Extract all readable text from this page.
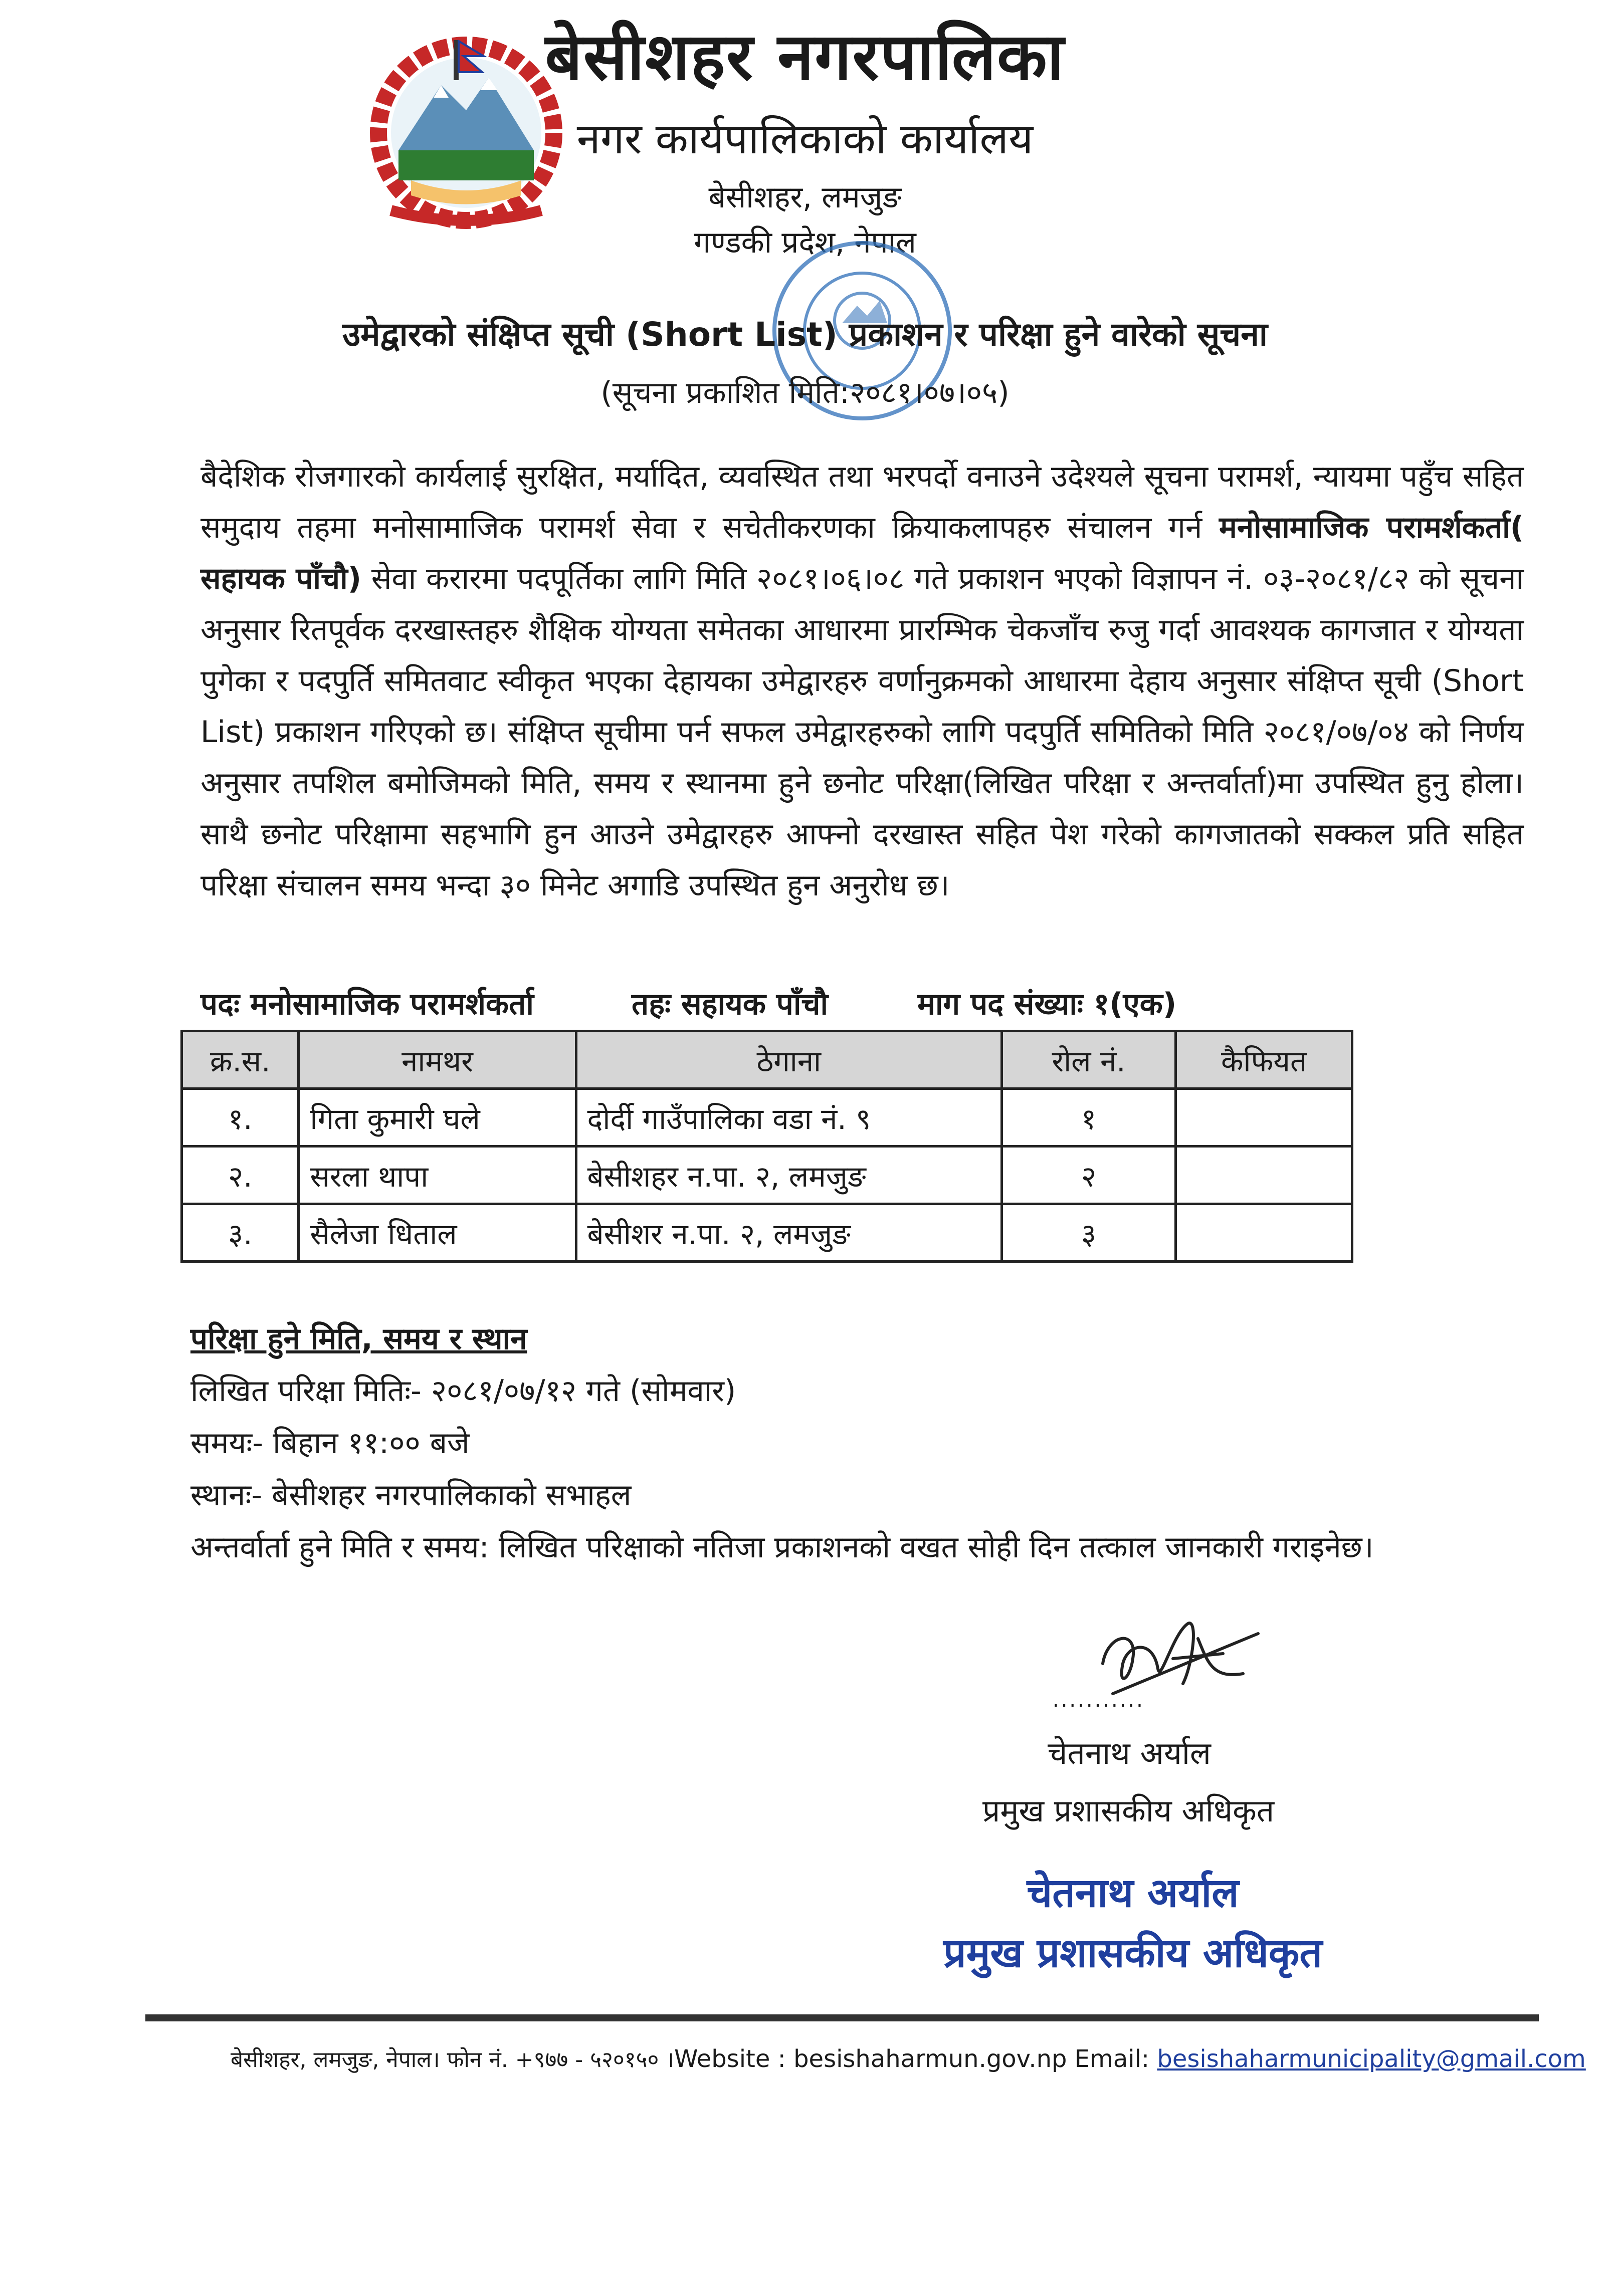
बेसीशहर नगरपालिका
नगर कार्यपालिकाको कार्यालय
बेसीशहर, लमजुङ
गण्डकी प्रदेश, नेपाल
उमेद्वारको संक्षिप्त सूची (Short List) प्रकाशन र परिक्षा हुने वारेको सूचना
(सूचना प्रकाशित मिति:२०८१।०७।०५)
बैदेशिक रोजगारको कार्यलाई सुरक्षित, मर्यादित, व्यवस्थित तथा भरपर्दो वनाउने उदेश्यले सूचना परामर्श, न्यायमा पहुँच सहित समुदाय तहमा मनोसामाजिक परामर्श सेवा र सचेतीकरणका क्रियाकलापहरु संचालन गर्न मनोसामाजिक परामर्शकर्ता( सहायक पाँचौ) सेवा करारमा पदपूर्तिका लागि मिति २०८१।०६।०८ गते प्रकाशन भएको विज्ञापन नं. ०३-२०८१/८२ को सूचना अनुसार रितपूर्वक दरखास्तहरु शैक्षिक योग्यता समेतका आधारमा प्रारम्भिक चेकजाँच रुजु गर्दा आवश्यक कागजात र योग्यता पुगेका र पदपुर्ति समितवाट स्वीकृत भएका देहायका उमेद्वारहरु वर्णानुक्रमको आधारमा देहाय अनुसार संक्षिप्त सूची (Short List) प्रकाशन गरिएको छ। संक्षिप्त सूचीमा पर्न सफल उमेद्वारहरुको लागि पदपुर्ति समितिको मिति २०८१/०७/०४ को निर्णय अनुसार तपशिल बमोजिमको मिति, समय र स्थानमा हुने छनोट परिक्षा(लिखित परिक्षा र अन्तर्वार्ता)मा उपस्थित हुनु होला। साथै छनोट परिक्षामा सहभागि हुन आउने उमेद्वारहरु आफ्नो दरखास्त सहित पेश गरेको कागजातको सक्कल प्रति सहित परिक्षा संचालन समय भन्दा ३० मिनेट अगाडि उपस्थित हुन अनुरोध छ।
पदः मनोसामाजिक परामर्शकर्ता	तहः सहायक पाँचौ	माग पद संख्याः १(एक)
क्र.स.	नामथर	ठेगाना	रोल नं.	कैफियत
१.	गिता कुमारी घले	दोर्दी गाउँपालिका वडा नं. ९	१	
२.	सरला थापा	बेसीशहर न.पा. २, लमजुङ	२	
३.	सैलेजा धिताल	बेसीशर न.पा. २, लमजुङ	३	
परिक्षा हुने मिति, समय र स्थान
लिखित परिक्षा मितिः- २०८१/०७/१२ गते (सोमवार)
समयः- बिहान ११:०० बजे
स्थानः- बेसीशहर नगरपालिकाको सभाहल
अन्तर्वार्ता हुने मिति र समय: लिखित परिक्षाको नतिजा प्रकाशनको वखत सोही दिन तत्काल जानकारी गराइनेछ।
...........
चेतनाथ अर्याल
प्रमुख प्रशासकीय अधिकृत
चेतनाथ अर्याल
प्रमुख प्रशासकीय अधिकृत
बेसीशहर, लमजुङ, नेपाल। फोन नं. +९७७ - ५२०१५० ।Website : besishaharmun.gov.np Email: besishaharmunicipality@gmail.com
